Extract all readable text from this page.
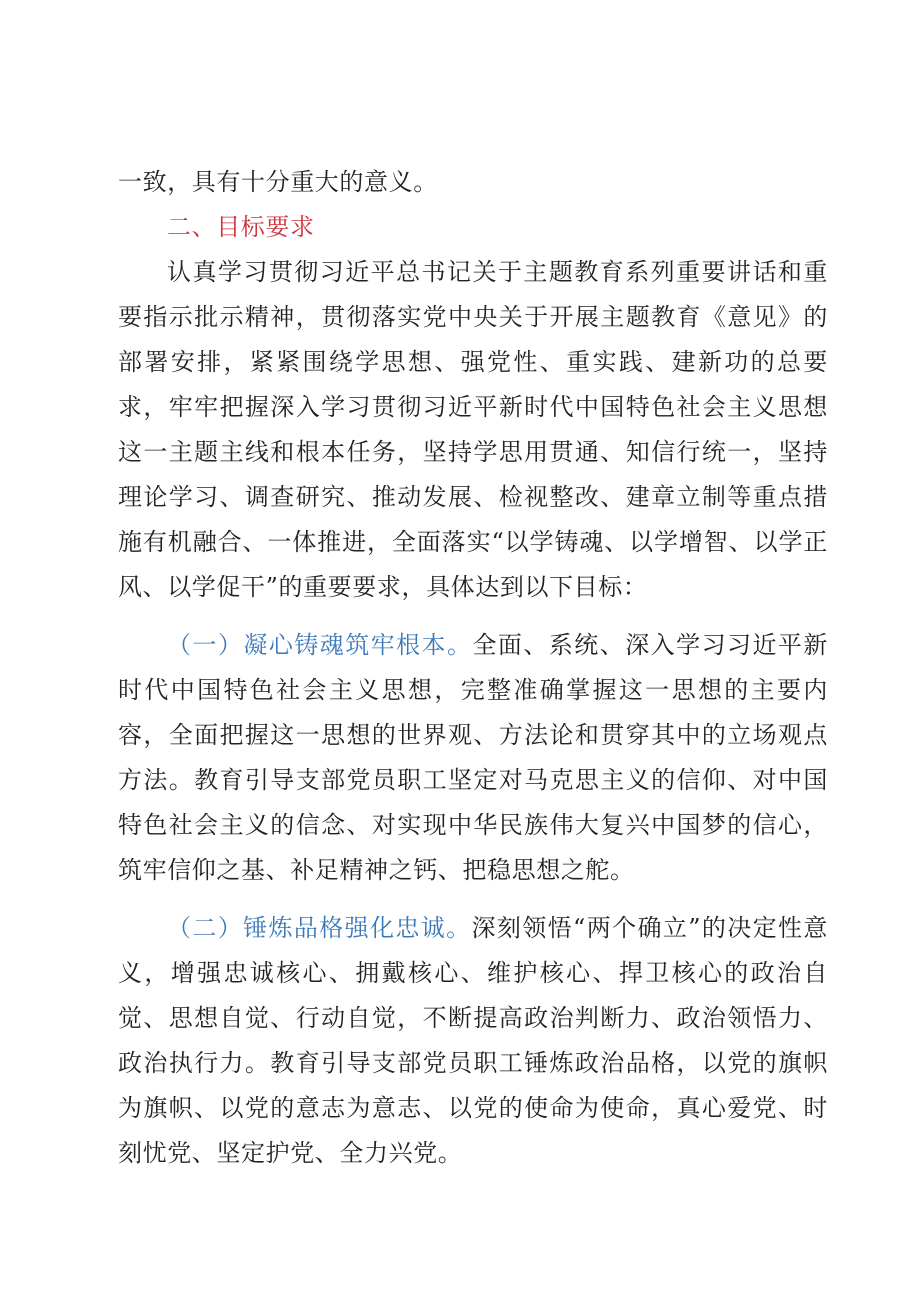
一致，具有十分重大的意义。

二、目标要求

认真学习贯彻习近平总书记关于主题教育系列重要讲话和重要指示批示精神，贯彻落实党中央关于开展主题教育《意见》的部署安排，紧紧围绕学思想、强党性、重实践、建新功的总要求，牢牢把握深入学习贯彻习近平新时代中国特色社会主义思想这一主题主线和根本任务，坚持学思用贯通、知信行统一，坚持理论学习、调查研究、推动发展、检视整改、建章立制等重点措施有机融合、一体推进，全面落实“以学铸魂、以学增智、以学正风、以学促干”的重要要求，具体达到以下目标：

（一）凝心铸魂筑牢根本。全面、系统、深入学习习近平新时代中国特色社会主义思想，完整准确掌握这一思想的主要内容，全面把握这一思想的世界观、方法论和贯穿其中的立场观点方法。教育引导支部党员职工坚定对马克思主义的信仰、对中国特色社会主义的信念、对实现中华民族伟大复兴中国梦的信心，筑牢信仰之基、补足精神之钙、把稳思想之舵。

（二）锤炼品格强化忠诚。深刻领悟“两个确立”的决定性意义，增强忠诚核心、拥戴核心、维护核心、捍卫核心的政治自觉、思想自觉、行动自觉，不断提高政治判断力、政治领悟力、政治执行力。教育引导支部党员职工锤炼政治品格，以党的旗帜为旗帜、以党的意志为意志、以党的使命为使命，真心爱党、时刻忧党、坚定护党、全力兴党。
